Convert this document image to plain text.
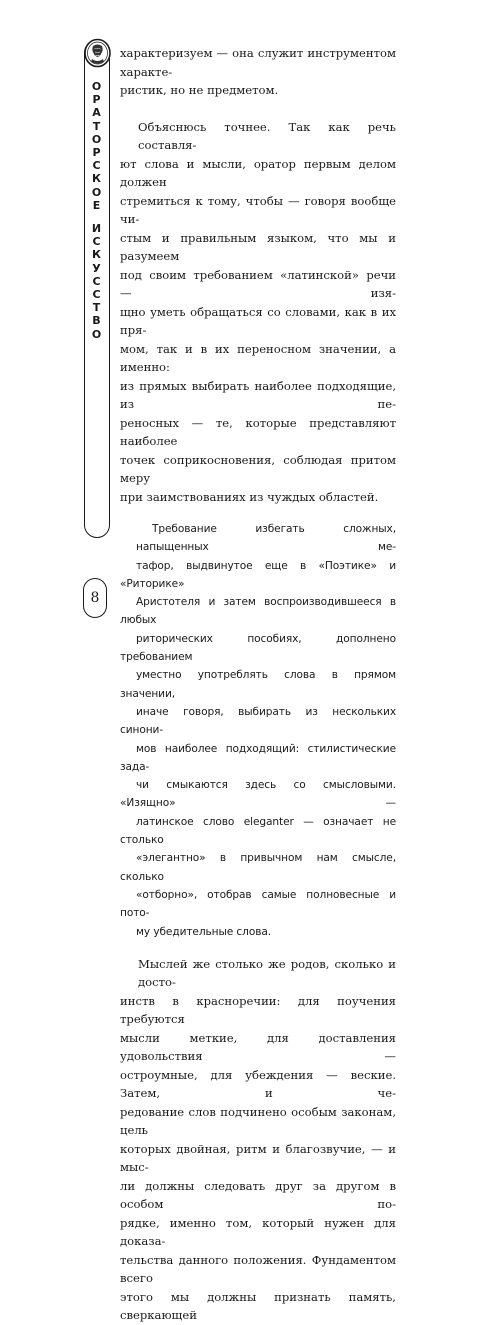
О
Р
А
Т
О
Р
С
К
О
Е
И
С
К
У
С
С
Т
В
О
8
характеризуем — она служит инструментом характе-
ристик, но не предметом.
Объяснюсь точнее. Так как речь составля-
ют слова и мысли, оратор первым делом должен
стремиться к тому, чтобы — говоря вообще чи-
стым и правильным языком, что мы и разумеем
под своим требованием «латинской» речи — изя-
щно уметь обращаться со словами, как в их пря-
мом, так и в их переносном значении, а именно:
из прямых выбирать наиболее подходящие, из пе-
реносных — те, которые представляют наиболее
точек соприкосновения, соблюдая притом меру
при заимствованиях из чуждых областей.
Требование избегать сложных, напыщенных ме-
тафор, выдвинутое еще в «Поэтике» и «Риторике»
Аристотеля и затем воспроизводившееся в любых
риторических пособиях, дополнено требованием
уместно употреблять слова в прямом значении,
иначе говоря, выбирать из нескольких синони-
мов наиболее подходящий: стилистические зада-
чи смыкаются здесь со смысловыми. «Изящно» —
латинское слово eleganter — означает не столько
«элегантно» в привычном нам смысле, сколько
«отборно», отобрав самые полновесные и пото-
му убедительные слова.
Мыслей же столько же родов, сколько и досто-
инств в красноречии: для поучения требуются
мысли меткие, для доставления удовольствия —
остроумные, для убеждения — веские. Затем, и че-
редование слов подчинено особым законам, цель
которых двойная, ритм и благозвучие, — и мыс-
ли должны следовать друг за другом в особом по-
рядке, именно том, который нужен для доказа-
тельства данного положения. Фундаментом всего
этого мы должны признать память, сверкающей
